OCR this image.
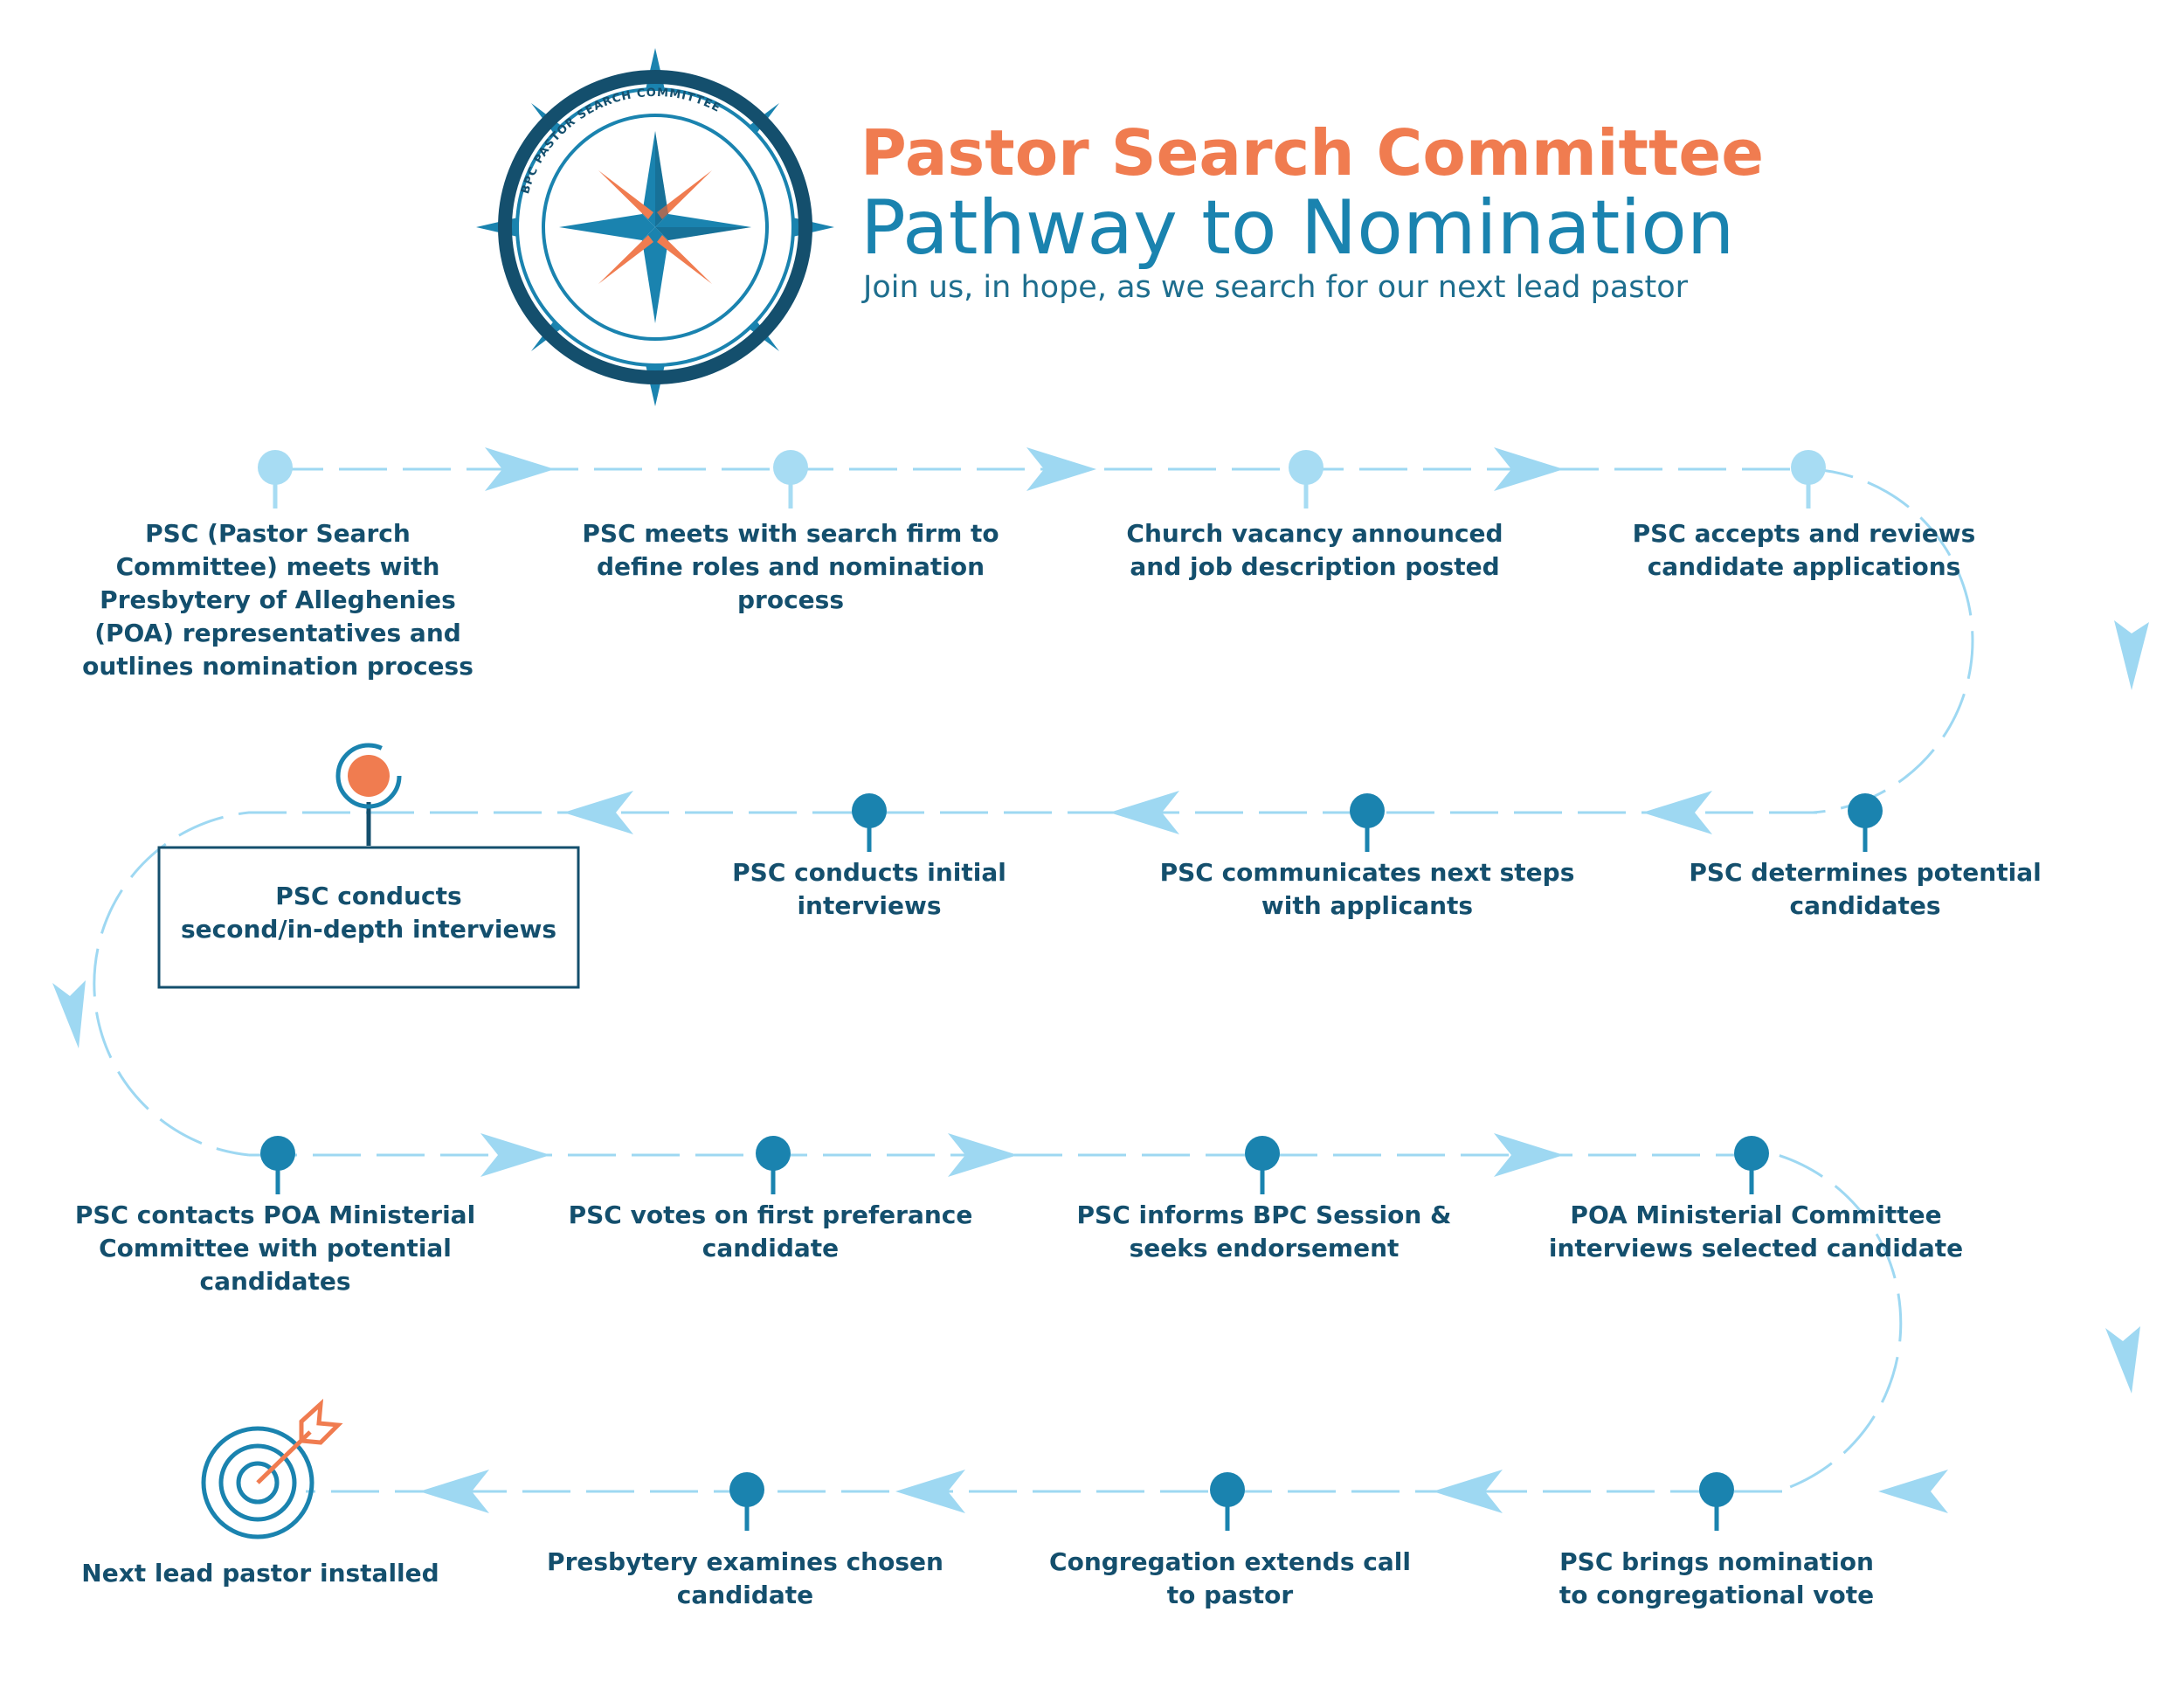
BPC PASTOR SEARCH COMMITTEE
Pastor Search Committee
Pathway to Nomination
Join us, in hope, as we search for our next lead pastor
PSC (Pastor Search Committee) meets with Presbytery of Alleghenies (POA) representatives and outlines nomination process
PSC meets with search firm to define roles and nomination process
Church vacancy announced and job description posted
PSC accepts and reviews candidate applications
PSC determines potential candidates
PSC communicates next steps with applicants
PSC conducts initial interviews
PSC conducts second/in-depth interviews
PSC contacts POA Ministerial Committee with potential candidates
PSC votes on first preferance candidate
PSC informs BPC Session & seeks endorsement
POA Ministerial Committee interviews selected candidate
PSC brings nomination to congregational vote
Congregation extends call to pastor
Presbytery examines chosen candidate
Next lead pastor installed
